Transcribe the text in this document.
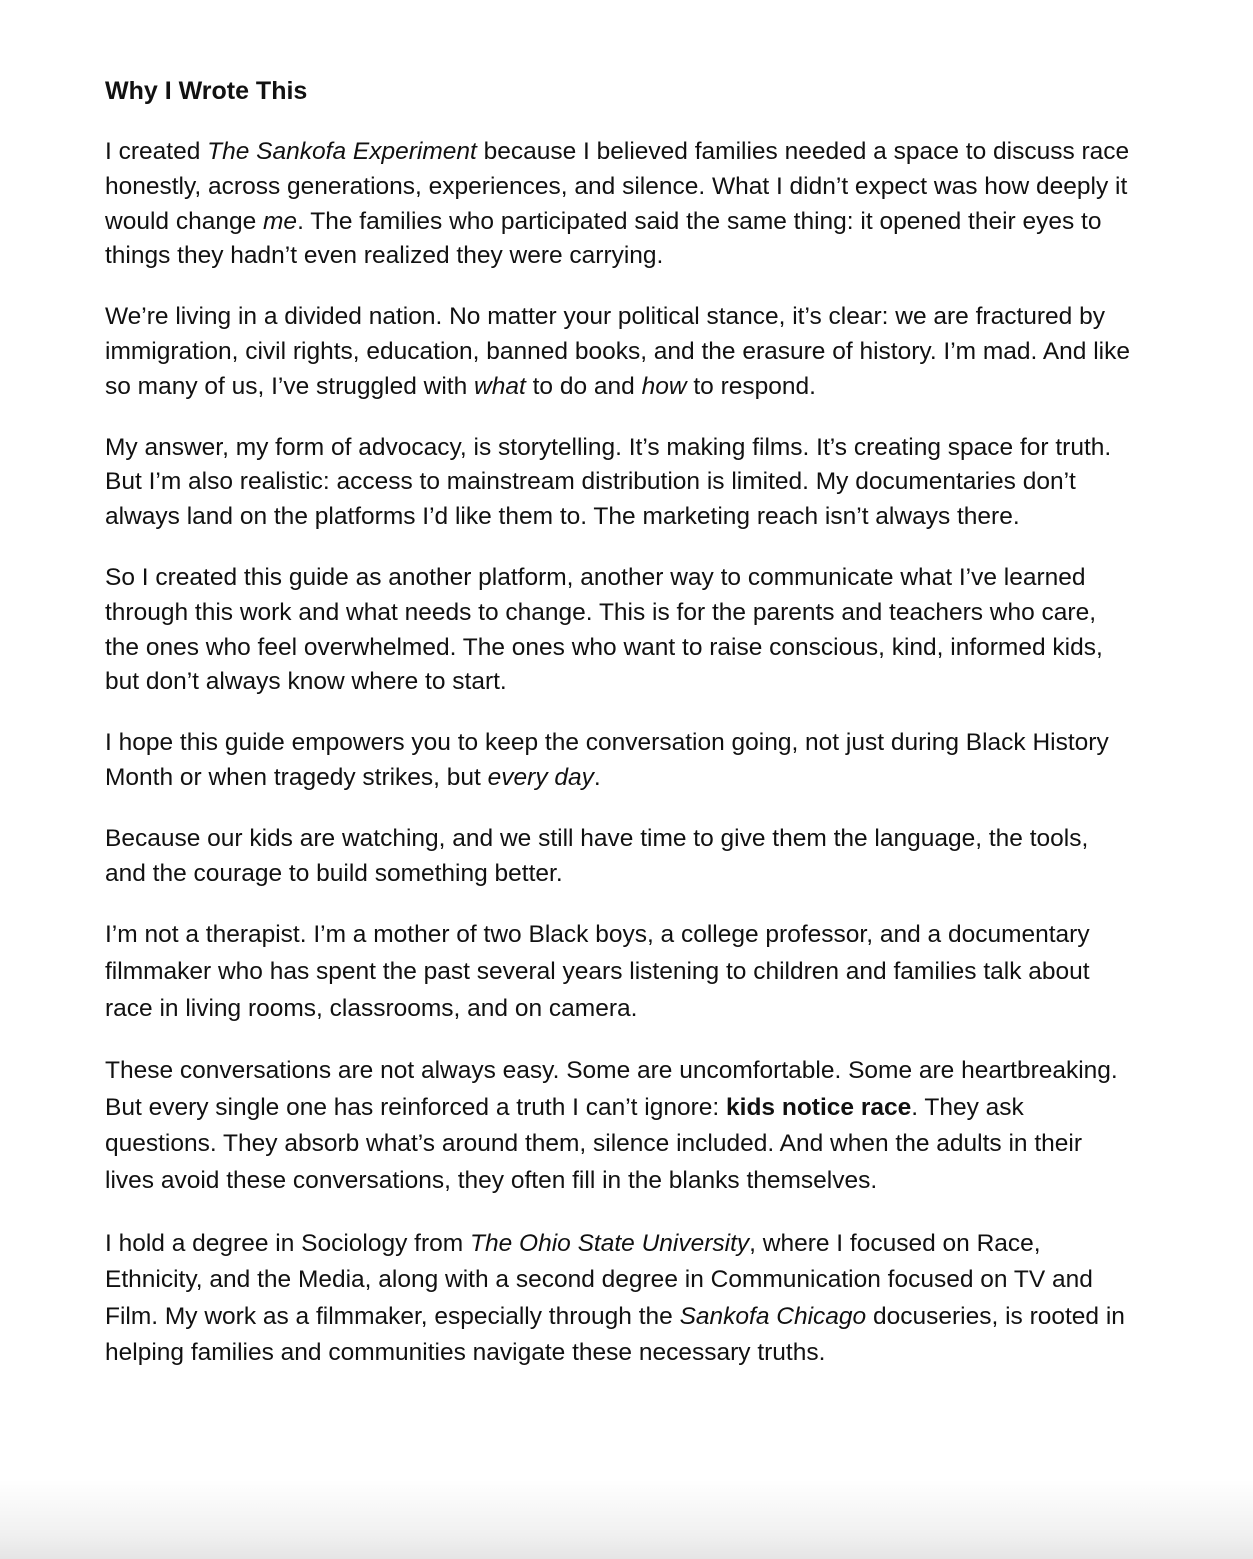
Why I Wrote This

I created The Sankofa Experiment because I believed families needed a space to discuss race honestly, across generations, experiences, and silence. What I didn’t expect was how deeply it would change me. The families who participated said the same thing: it opened their eyes to things they hadn’t even realized they were carrying.

We’re living in a divided nation. No matter your political stance, it’s clear: we are fractured by immigration, civil rights, education, banned books, and the erasure of history. I’m mad. And like so many of us, I’ve struggled with what to do and how to respond.

My answer, my form of advocacy, is storytelling. It’s making films. It’s creating space for truth. But I’m also realistic: access to mainstream distribution is limited. My documentaries don’t always land on the platforms I’d like them to. The marketing reach isn’t always there.

So I created this guide as another platform, another way to communicate what I’ve learned through this work and what needs to change. This is for the parents and teachers who care, the ones who feel overwhelmed. The ones who want to raise conscious, kind, informed kids, but don’t always know where to start.

I hope this guide empowers you to keep the conversation going, not just during Black History Month or when tragedy strikes, but every day.

Because our kids are watching, and we still have time to give them the language, the tools, and the courage to build something better.

I’m not a therapist. I’m a mother of two Black boys, a college professor, and a documentary filmmaker who has spent the past several years listening to children and families talk about race in living rooms, classrooms, and on camera.

These conversations are not always easy. Some are uncomfortable. Some are heartbreaking. But every single one has reinforced a truth I can’t ignore: kids notice race. They ask questions. They absorb what’s around them, silence included. And when the adults in their lives avoid these conversations, they often fill in the blanks themselves.

I hold a degree in Sociology from The Ohio State University, where I focused on Race, Ethnicity, and the Media, along with a second degree in Communication focused on TV and Film. My work as a filmmaker, especially through the Sankofa Chicago docuseries, is rooted in helping families and communities navigate these necessary truths.
